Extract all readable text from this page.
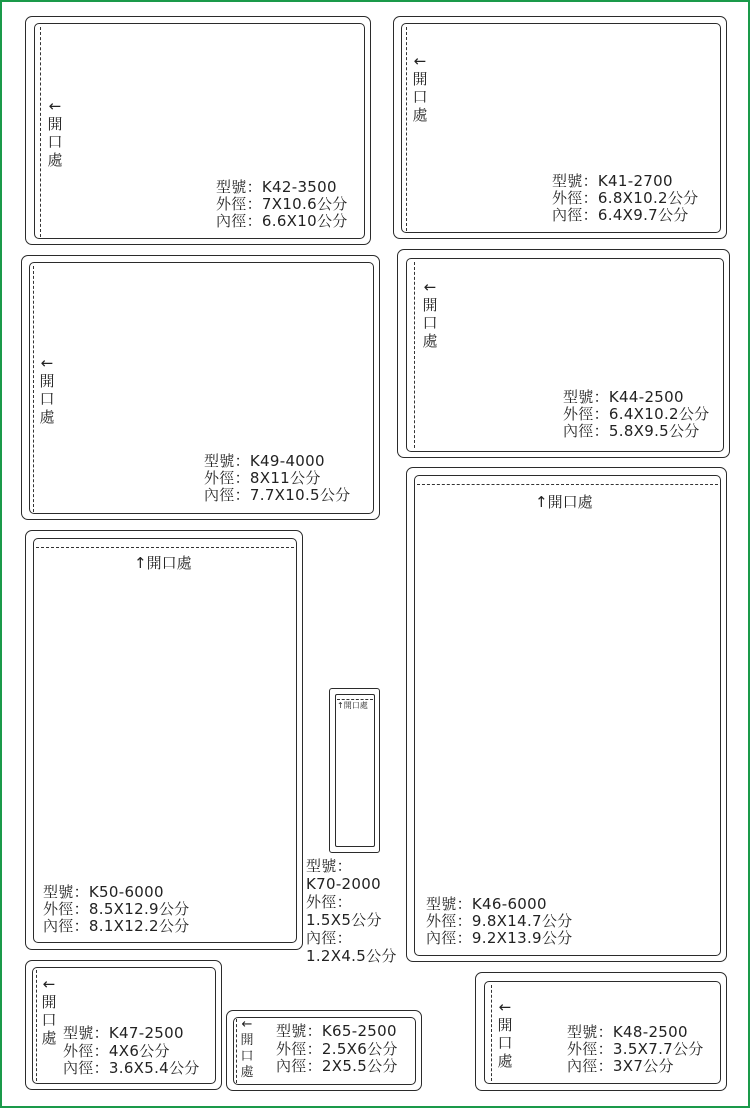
←
開
口
處
型號：K42-3500
外徑：7X10.6公分
內徑：6.6X10公分
←
開
口
處
型號：K41-2700
外徑：6.8X10.2公分
內徑：6.4X9.7公分
←
開
口
處
型號：K49-4000
外徑：8X11公分
內徑：7.7X10.5公分
←
開
口
處
型號：K44-2500
外徑：6.4X10.2公分
內徑：5.8X9.5公分
↑開口處
型號：K50-6000
外徑：8.5X12.9公分
內徑：8.1X12.2公分
↑開口處
型號：
K70-2000
外徑：
1.5X5公分
內徑：
1.2X4.5公分
↑開口處
型號：K46-6000
外徑：9.8X14.7公分
內徑：9.2X13.9公分
←
開
口
處 型號：K47-2500
外徑：4X6公分
內徑：3.6X5.4公分
←
開
口
處
型號：K65-2500
外徑：2.5X6公分
內徑：2X5.5公分
←
開
口
處
型號：K48-2500
外徑：3.5X7.7公分
內徑：3X7公分
